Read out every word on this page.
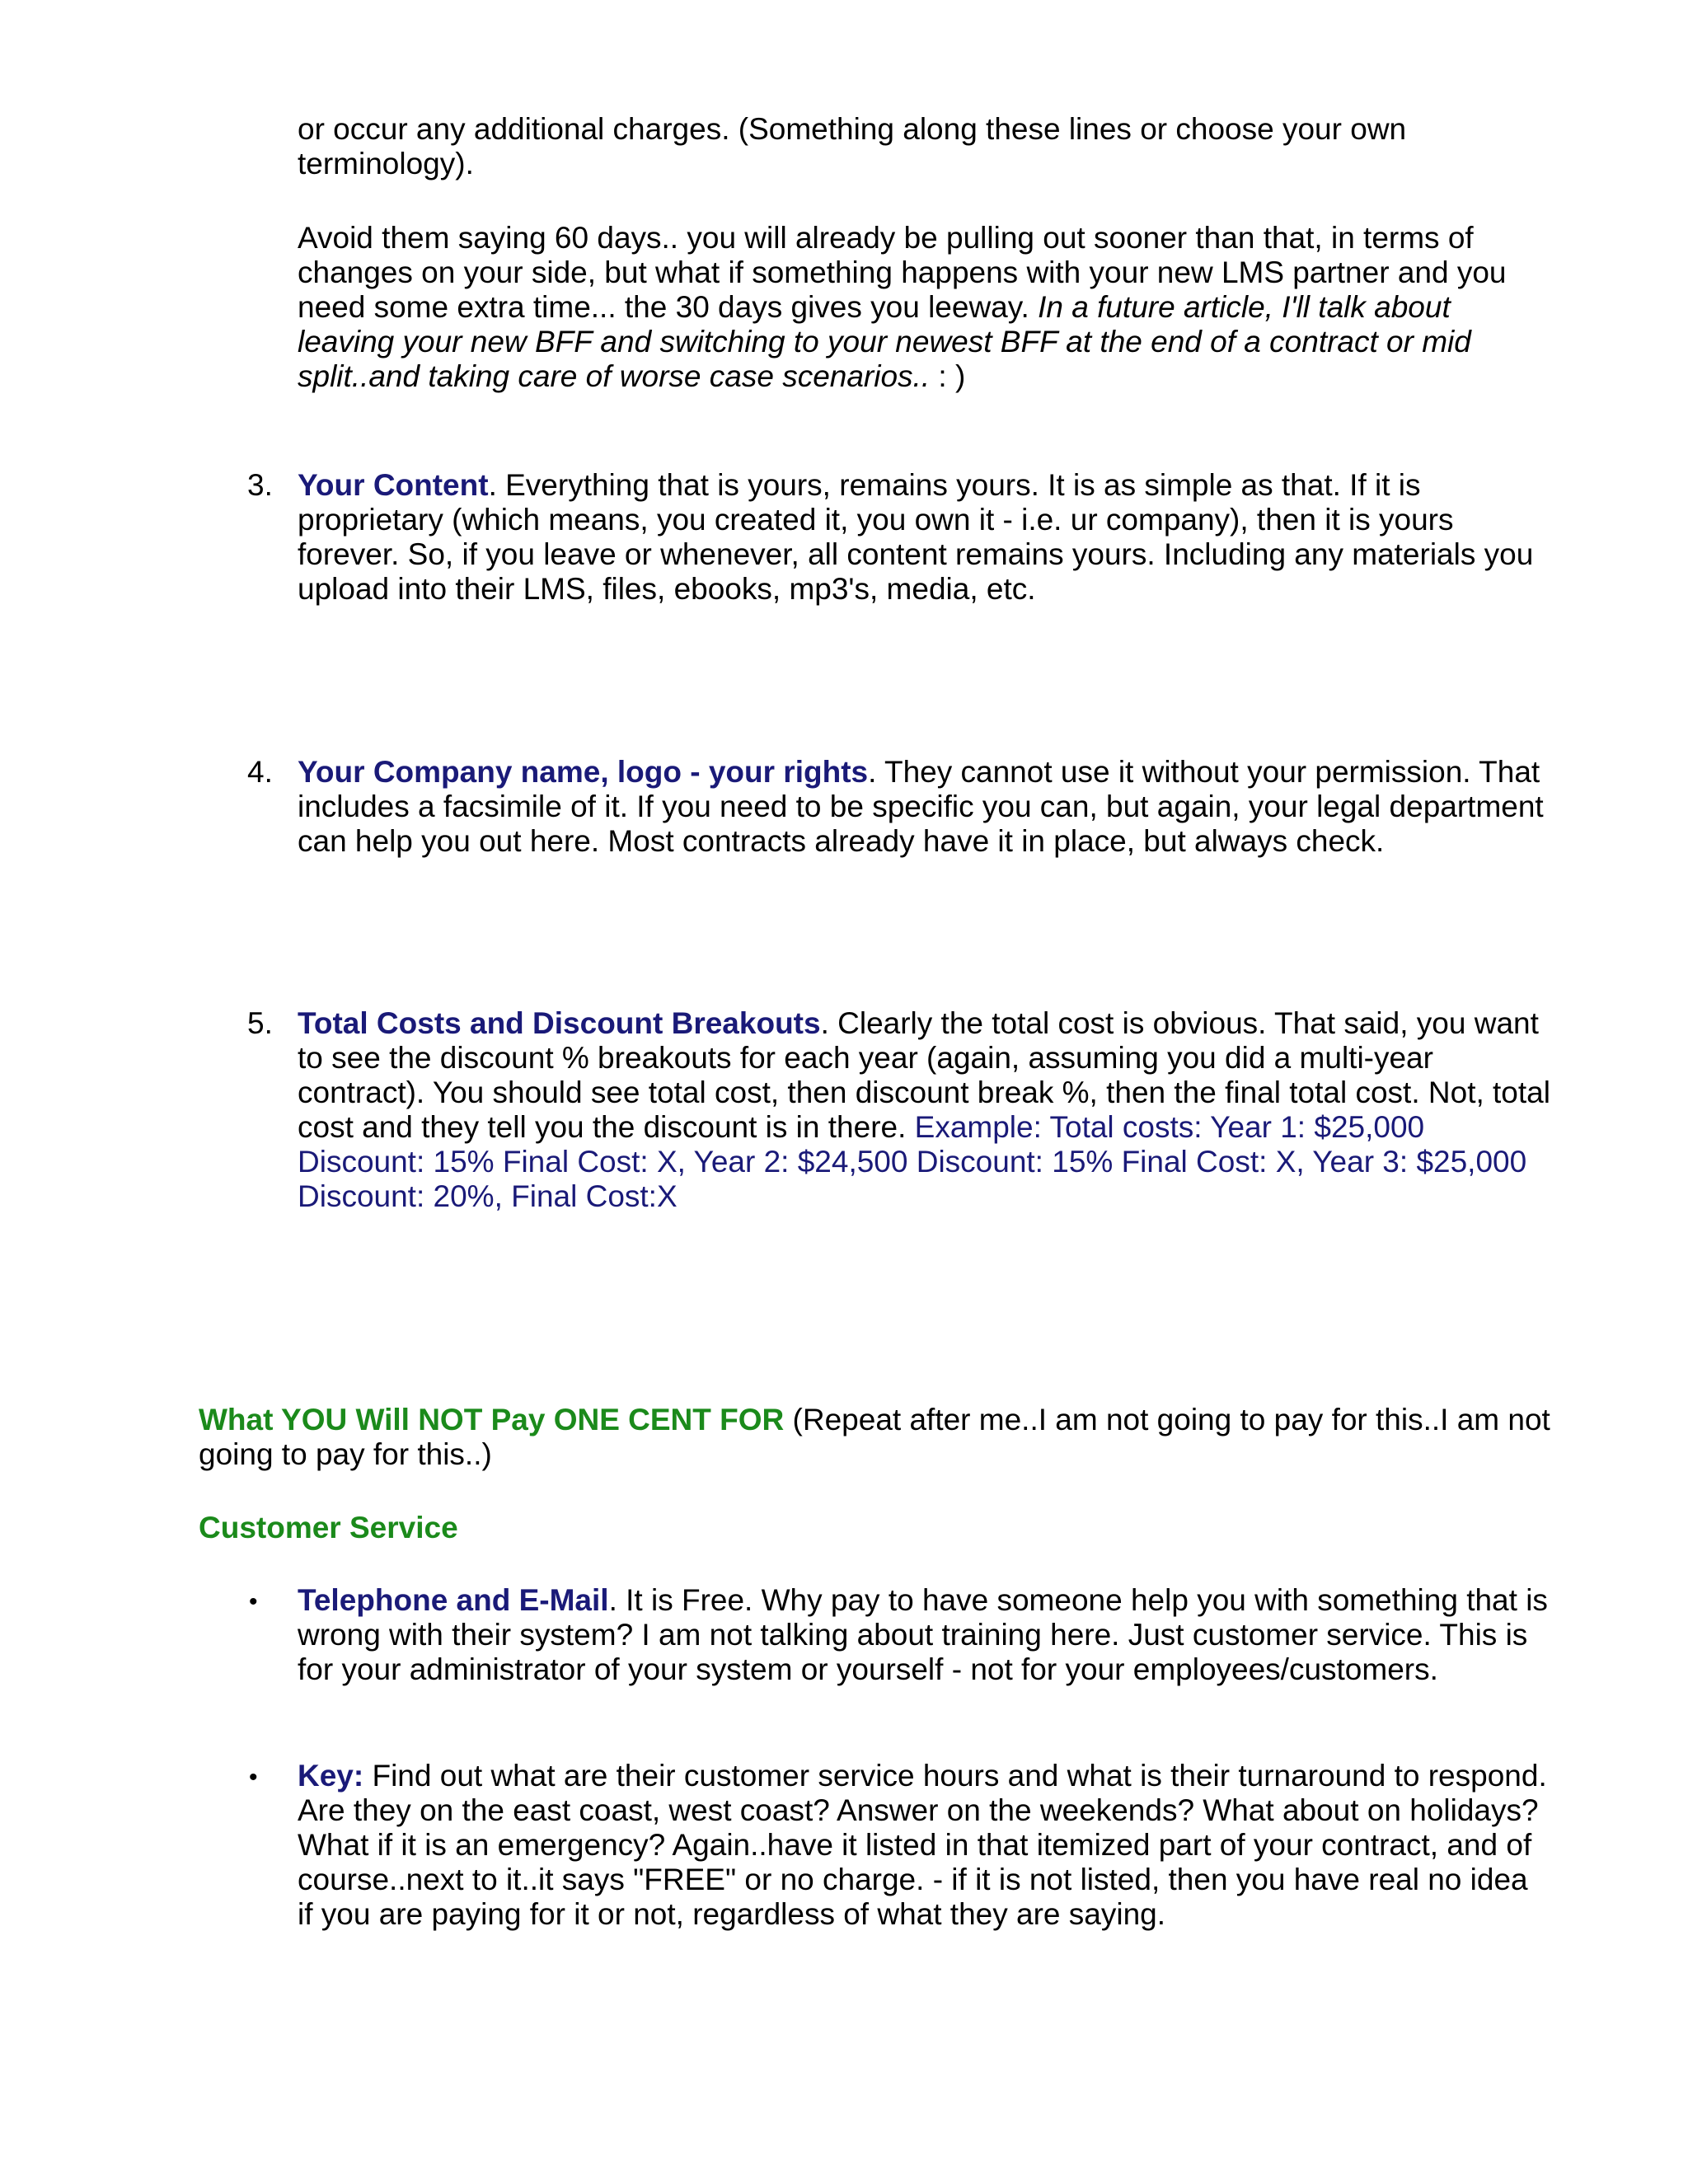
or occur any additional charges. (Something along these lines or choose your own terminology).

Avoid them saying 60 days.. you will already be pulling out sooner than that, in terms of changes on your side, but what if something happens with your new LMS partner and you need some extra time... the 30 days gives you leeway. In a future article, I'll talk about leaving your new BFF and switching to your newest BFF at the end of a contract or mid split..and taking care of worse case scenarios.. : )

3. Your Content. Everything that is yours, remains yours. It is as simple as that. If it is proprietary (which means, you created it, you own it - i.e. ur company), then it is yours forever. So, if you leave or whenever, all content remains yours. Including any materials you upload into their LMS, files, ebooks, mp3's, media, etc.

4. Your Company name, logo - your rights. They cannot use it without your permission. That includes a facsimile of it. If you need to be specific you can, but again, your legal department can help you out here. Most contracts already have it in place, but always check.

5. Total Costs and Discount Breakouts. Clearly the total cost is obvious. That said, you want to see the discount % breakouts for each year (again, assuming you did a multi-year contract). You should see total cost, then discount break %, then the final total cost. Not, total cost and they tell you the discount is in there. Example: Total costs: Year 1: $25,000 Discount: 15% Final Cost: X, Year 2: $24,500 Discount: 15% Final Cost: X, Year 3: $25,000 Discount: 20%, Final Cost:X

What YOU Will NOT Pay ONE CENT FOR (Repeat after me..I am not going to pay for this..I am not going to pay for this..)

Customer Service

•	Telephone and E-Mail. It is Free. Why pay to have someone help you with something that is wrong with their system? I am not talking about training here. Just customer service. This is for your administrator of your system or yourself - not for your employees/customers.

•	Key: Find out what are their customer service hours and what is their turnaround to respond. Are they on the east coast, west coast? Answer on the weekends? What about on holidays? What if it is an emergency? Again..have it listed in that itemized part of your contract, and of course..next to it..it says "FREE" or no charge. - if it is not listed, then you have real no idea if you are paying for it or not, regardless of what they are saying.
